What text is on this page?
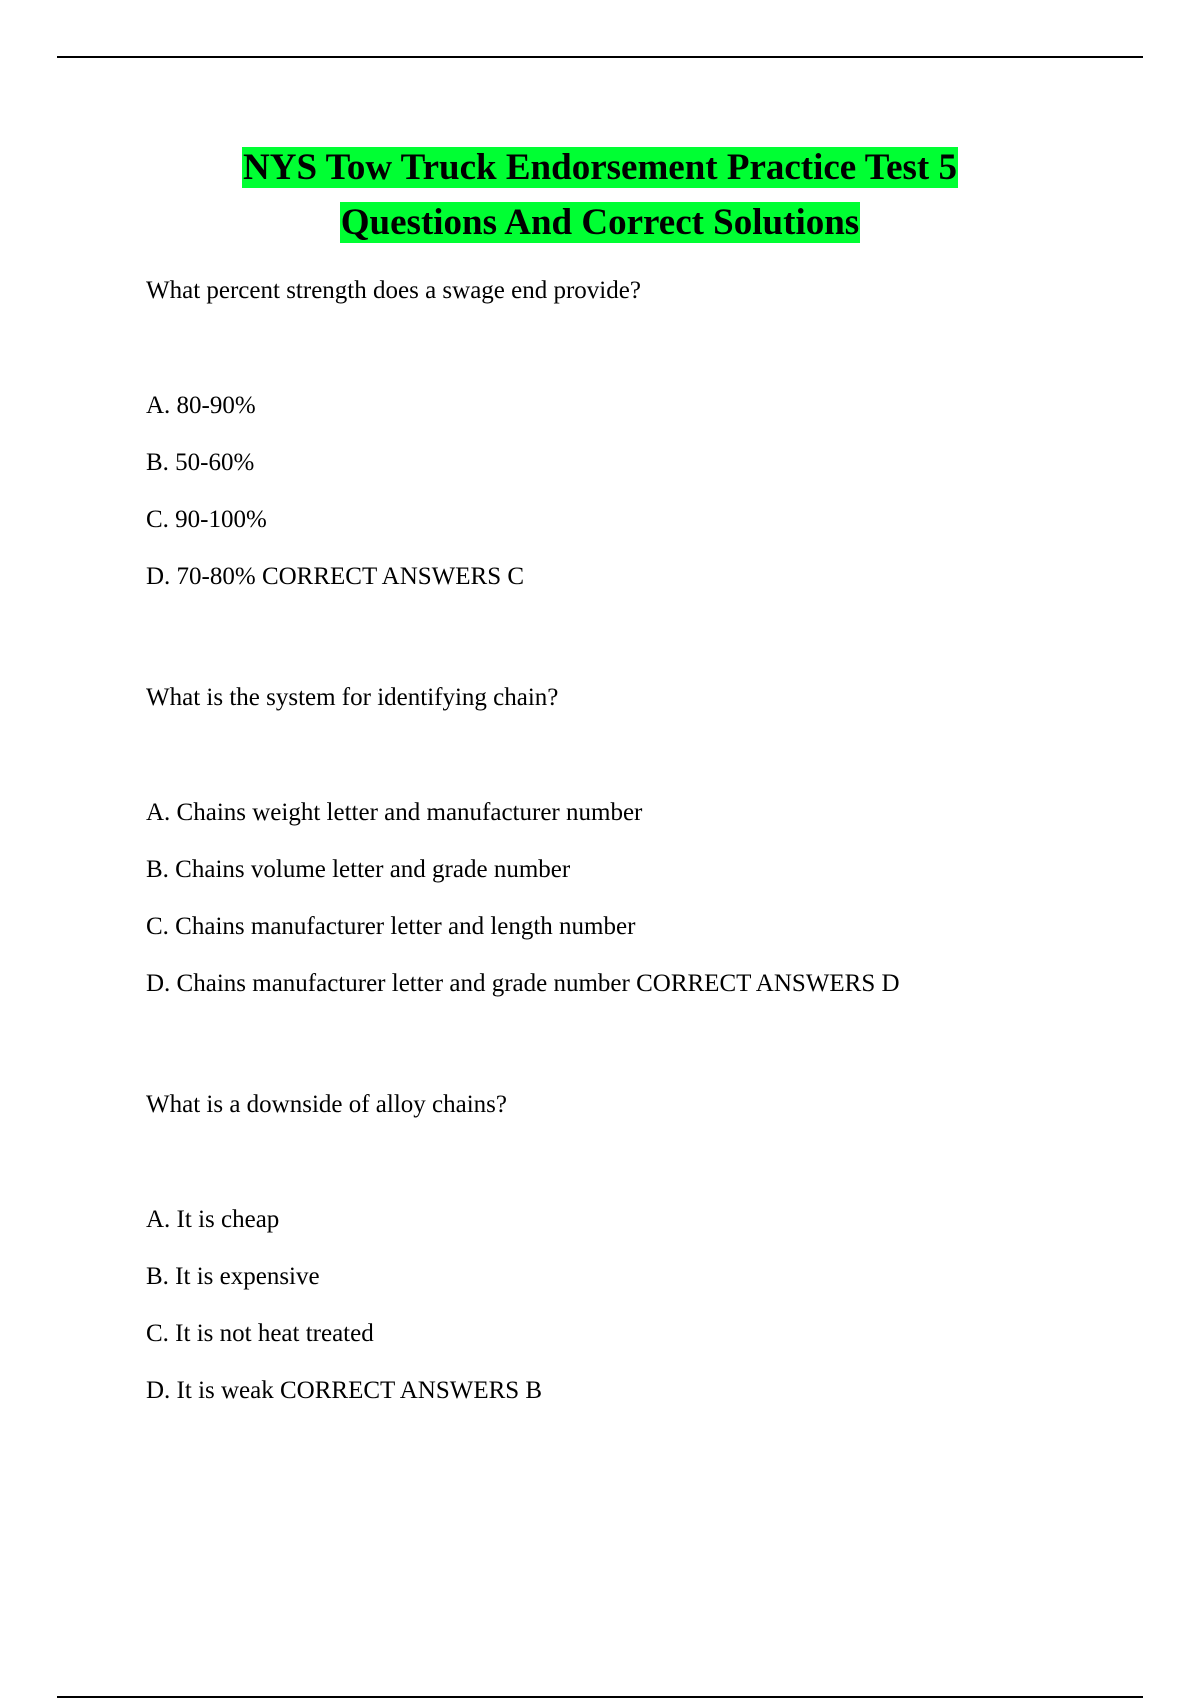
NYS Tow Truck Endorsement Practice Test 5
Questions And Correct Solutions
What percent strength does a swage end provide?
A. 80-90%
B. 50-60%
C. 90-100%
D. 70-80% CORRECT ANSWERS C
What is the system for identifying chain?
A. Chains weight letter and manufacturer number
B. Chains volume letter and grade number
C. Chains manufacturer letter and length number
D. Chains manufacturer letter and grade number CORRECT ANSWERS D
What is a downside of alloy chains?
A. It is cheap
B. It is expensive
C. It is not heat treated
D. It is weak CORRECT ANSWERS B
